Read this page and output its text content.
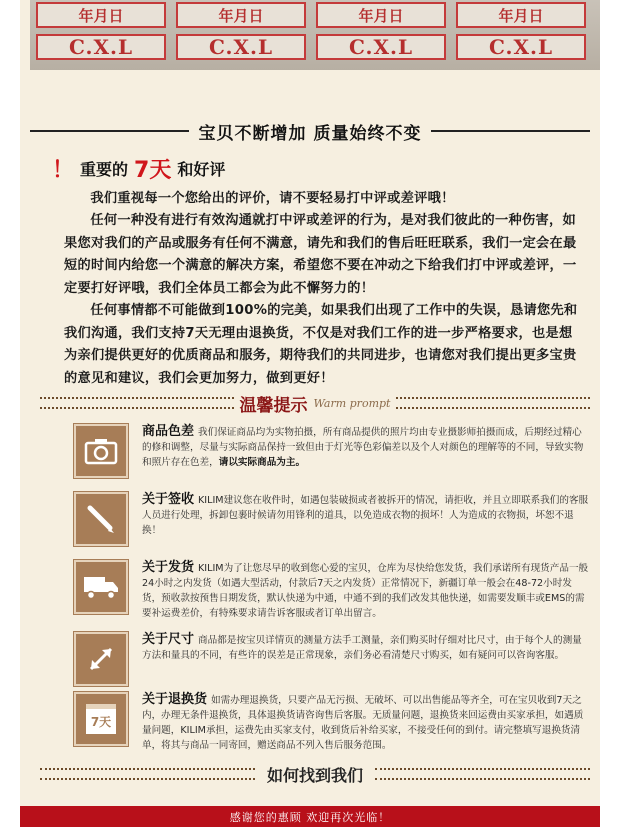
年月日	年月日	年月日	年月日
C.X.L	C.X.L	C.X.L	C.X.L
宝贝不断增加 质量始终不变
！ 重要的 7天 和好评
我们重视每一个您给出的评价，请不要轻易打中评或差评哦！
任何一种没有进行有效沟通就打中评或差评的行为，是对我们彼此的一种伤害，如果您对我们的产品或服务有任何不满意，请先和我们的售后旺旺联系，我们一定会在最短的时间内给您一个满意的解决方案，希望您不要在冲动之下给我们打中评或差评，一定要打好评哦，我们全体员工都会为此不懈努力的！
任何事情都不可能做到100%的完美，如果我们出现了工作中的失误，恳请您先和我们沟通，我们支持7天无理由退换货，不仅是对我们工作的进一步严格要求，也是想为亲们提供更好的优质商品和服务，期待我们的共同进步，也请您对我们提出更多宝贵的意见和建议，我们会更加努力，做到更好！
温馨提示 Warm prompt
商品色差 我们保证商品均为实物拍摄，所有商品提供的照片均由专业摄影师拍摄而成，后期经过精心的修和调整，尽量与实际商品保持一致但由于灯光等色彩偏差以及个人对颜色的理解等的不同，导致实物和照片存在色差，请以实际商品为主。
关于签收 KILIM建议您在收件时，如遇包装破损或者被拆开的情况，请拒收，并且立即联系我们的客服人员进行处理，拆卸包裹时候请勿用锋利的道具，以免造成衣物的损坏！人为造成的衣物损，坏恕不退换！
关于发货 KILIM为了让您尽早的收到您心爱的宝贝，仓库为尽快给您发货，我们承诺所有现货产品一般24小时之内发货（如遇大型活动，付款后7天之内发货）正常情况下，新疆订单一般会在48-72小时发货，预收款按预售日期发货，默认快递为中通，中通不到的我们改发其他快递，如需要发顺丰或EMS的需要补运费差价，有特殊要求请告诉客服或者订单出留言。
关于尺寸 商品都是按宝贝详情页的测量方法手工测量，亲们购买时仔细对比尺寸，由于每个人的测量方法和量具的不同，有些许的误差是正常现象，亲们务必看清楚尺寸购买，如有疑问可以咨询客服。
7天
关于退换货 如需办理退换货，只要产品无污损、无破坏、可以出售能品等齐全，可在宝贝收到7天之内，办理无条件退换货，具体退换货请咨询售后客服。无质量问题，退换货来回运费由买家承担，如遇质量问题，KILIM承担，运费先由买家支付，收到货后补给买家，不接受任何的到付。请完整填写退换货清单，将其与商品一同寄回，赠送商品不列入售后服务范围。
如何找到我们
感谢您的惠顾 欢迎再次光临！
